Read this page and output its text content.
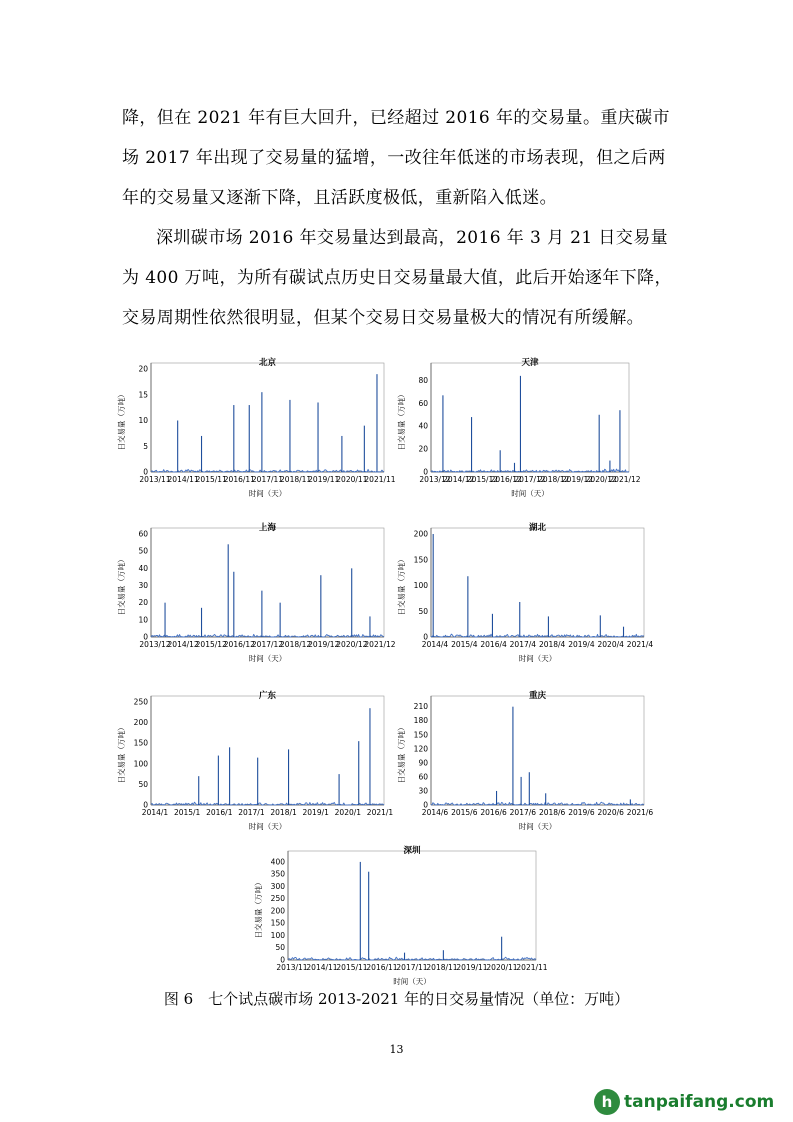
降，但在 2021 年有巨大回升，已经超过 2016 年的交易量。重庆碳市场 2017 年出现了交易量的猛增，一改往年低迷的市场表现，但之后两年的交易量又逐渐下降，且活跃度极低，重新陷入低迷。

深圳碳市场 2016 年交易量达到最高，2016 年 3 月 21 日交易量为 400 万吨，为所有碳试点历史日交易量最大值，此后开始逐年下降，交易周期性依然很明显，但某个交易日交易量极大的情况有所缓解。

北京
0
5
10
15
20
2013/11
2014/11
2015/11
2016/11
2017/11
2018/11
2019/11
2020/11
2021/11
时间（天）
日交易量（万吨）
天津
0
20
40
60
80
2013/12
2014/12
2015/12
2016/12
2017/12
2018/12
2019/12
2020/12
2021/12
时间（天）
日交易量（万吨）
上海
0
10
20
30
40
50
60
2013/12
2014/12
2015/12
2016/12
2017/12
2018/12
2019/12
2020/12
2021/12
时间（天）
日交易量（万吨）
湖北
0
50
100
150
200
2014/4 2015/4 2016/4 2017/4 2018/4 2019/4 2020/4 2021/4
时间（天）
日交易量（万吨）
广东
0
50
100
150
200
250
2014/1 2015/1 2016/1 2017/1 2018/1 2019/1 2020/1 2021/1
时间（天）
日交易量（万吨）
重庆
0
30
60
90
120
150
180
210
2014/6 2015/6 2016/6 2017/6 2018/6 2019/6 2020/6 2021/6
时间（天）
日交易量（万吨）
深圳
0
50
100
150
200
250
300
350
400
2013/11
2014/11
2015/11
2016/11
2017/11
2018/11
2019/11
2020/11
2021/11
时间（天）
日交易量（万吨）

图 6　七个试点碳市场 2013-2021 年的日交易量情况（单位：万吨）

13
h tanpaifang.com
